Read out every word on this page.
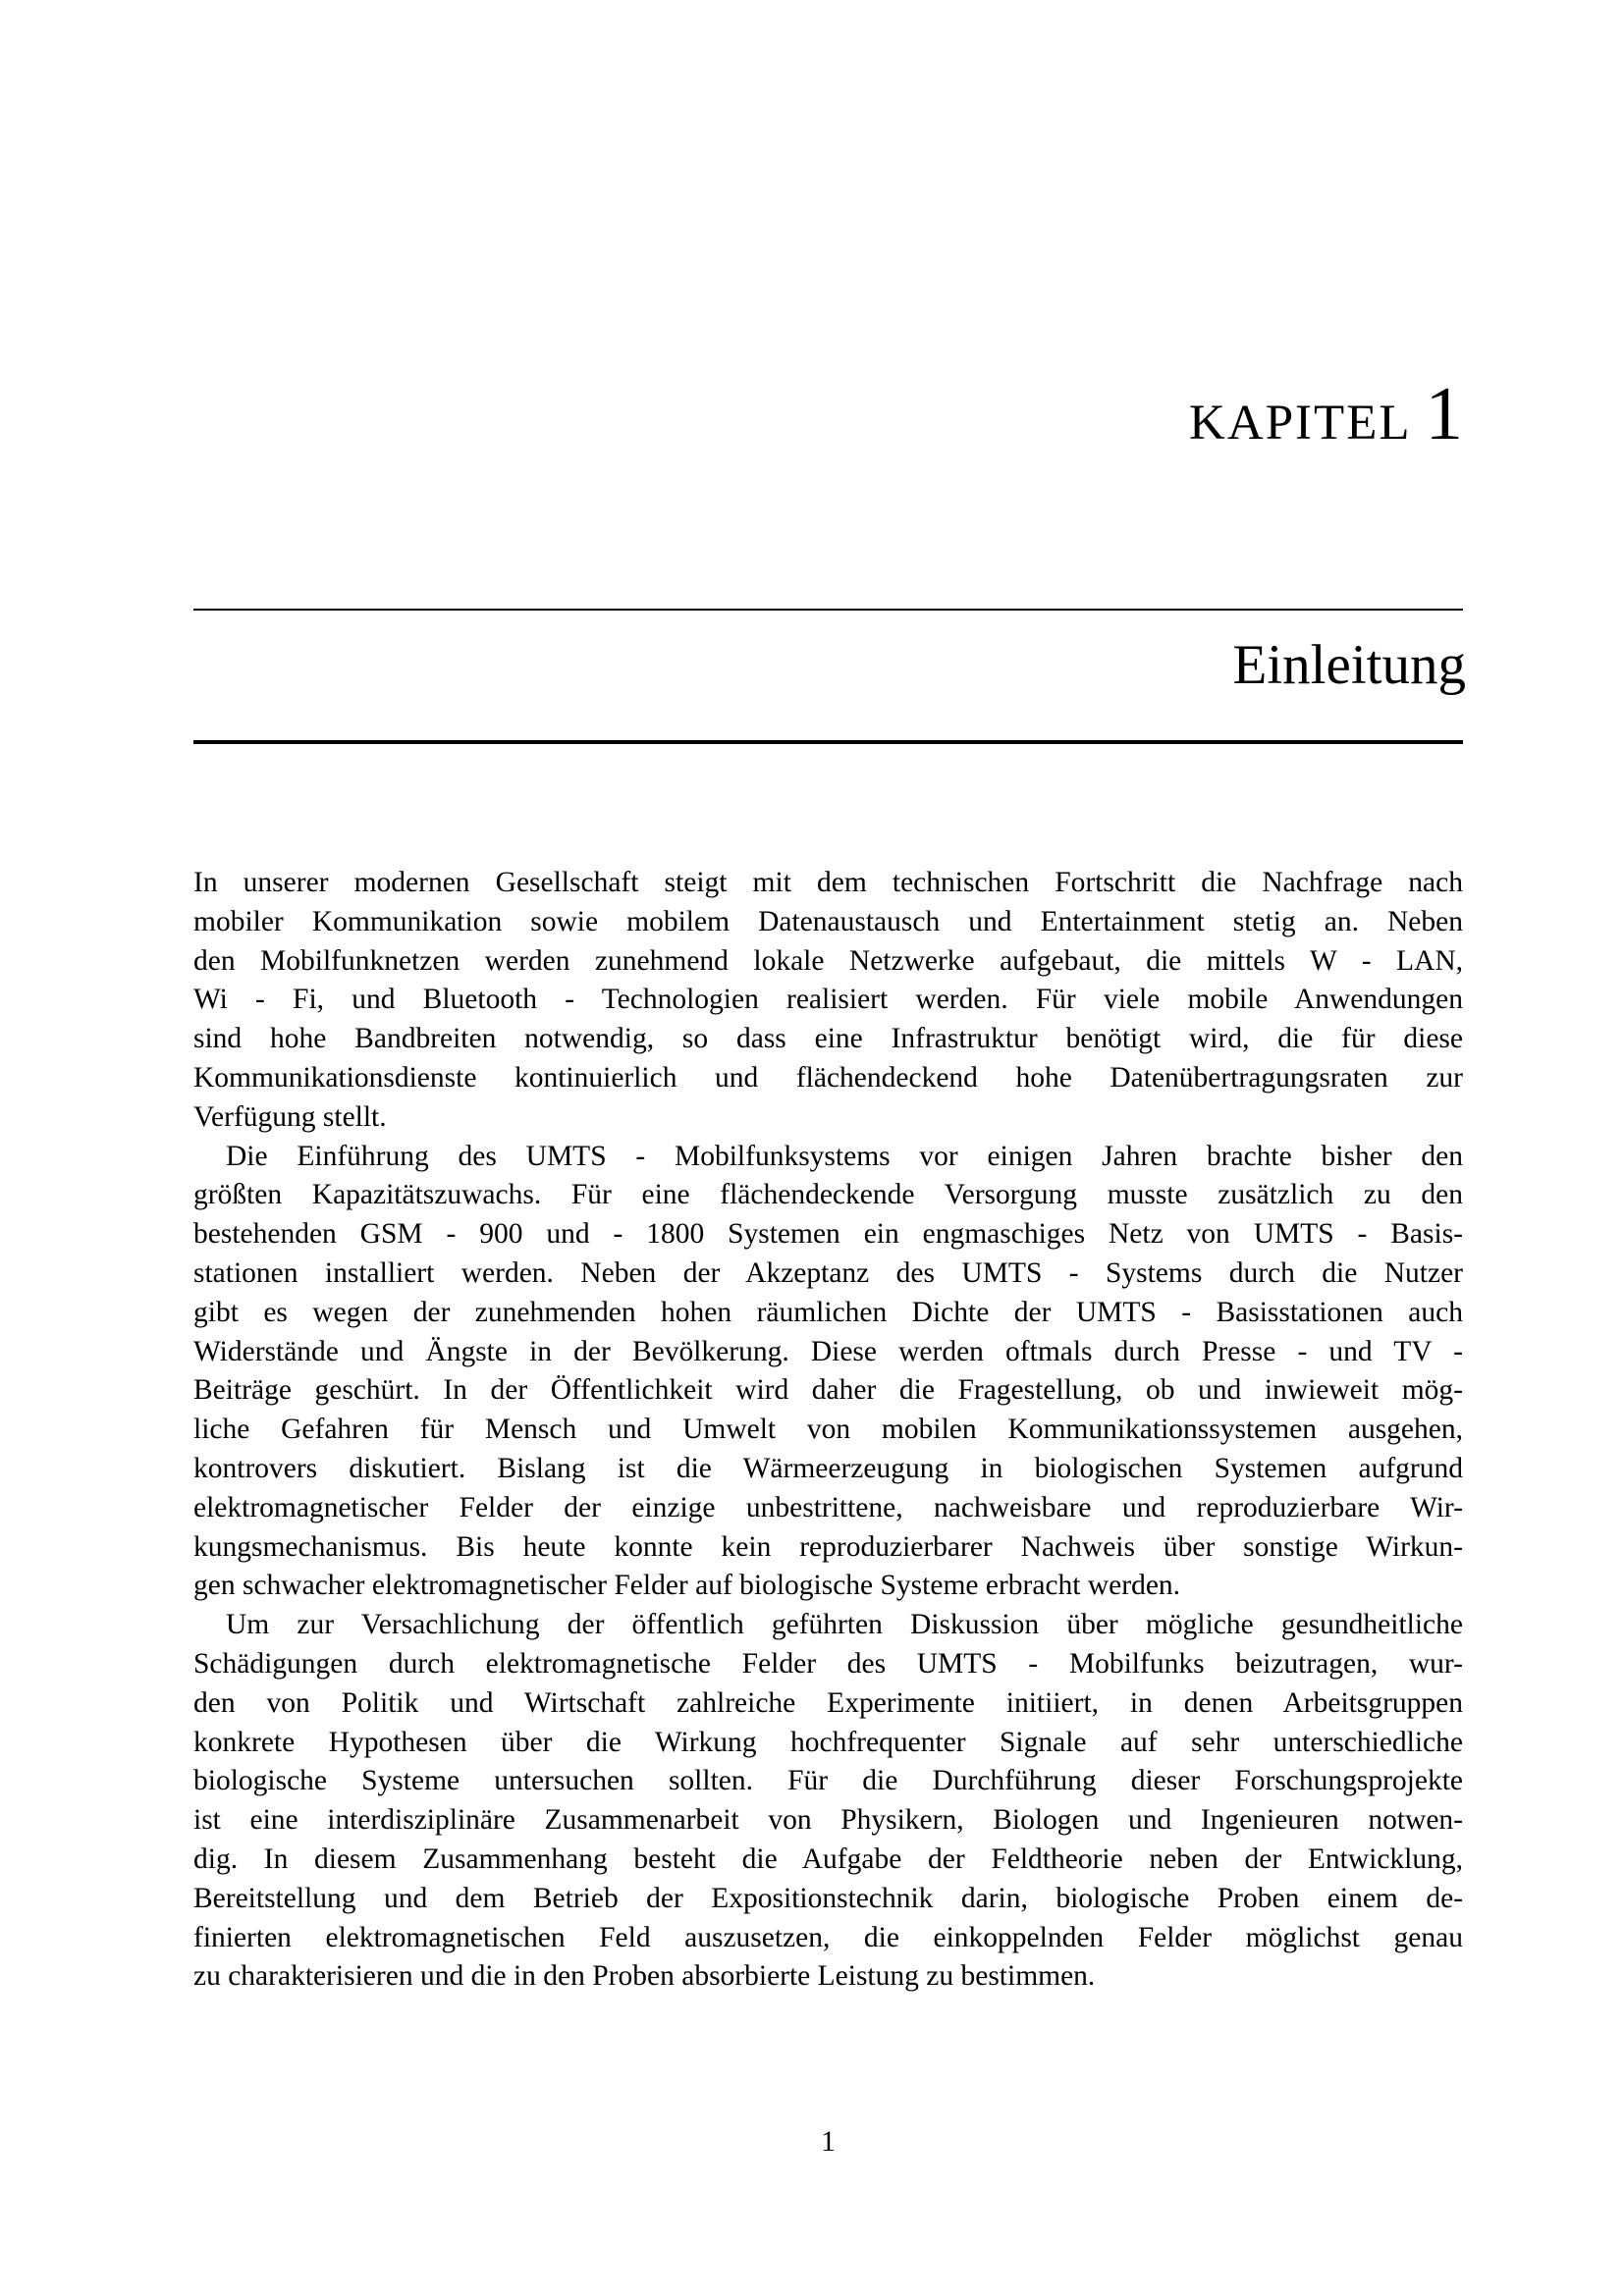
KAPITEL 1
Einleitung
In unserer modernen Gesellschaft steigt mit dem technischen Fortschritt die Nachfrage nach
mobiler Kommunikation sowie mobilem Datenaustausch und Entertainment stetig an. Neben
den Mobilfunknetzen werden zunehmend lokale Netzwerke aufgebaut, die mittels W - LAN,
Wi - Fi, und Bluetooth - Technologien realisiert werden. Für viele mobile Anwendungen
sind hohe Bandbreiten notwendig, so dass eine Infrastruktur benötigt wird, die für diese
Kommunikationsdienste kontinuierlich und flächendeckend hohe Datenübertragungsraten zur
Verfügung stellt.
Die Einführung des UMTS - Mobilfunksystems vor einigen Jahren brachte bisher den
größten Kapazitätszuwachs. Für eine flächendeckende Versorgung musste zusätzlich zu den
bestehenden GSM - 900 und - 1800 Systemen ein engmaschiges Netz von UMTS - Basis-
stationen installiert werden. Neben der Akzeptanz des UMTS - Systems durch die Nutzer
gibt es wegen der zunehmenden hohen räumlichen Dichte der UMTS - Basisstationen auch
Widerstände und Ängste in der Bevölkerung. Diese werden oftmals durch Presse - und TV -
Beiträge geschürt. In der Öffentlichkeit wird daher die Fragestellung, ob und inwieweit mög-
liche Gefahren für Mensch und Umwelt von mobilen Kommunikationssystemen ausgehen,
kontrovers diskutiert. Bislang ist die Wärmeerzeugung in biologischen Systemen aufgrund
elektromagnetischer Felder der einzige unbestrittene, nachweisbare und reproduzierbare Wir-
kungsmechanismus. Bis heute konnte kein reproduzierbarer Nachweis über sonstige Wirkun-
gen schwacher elektromagnetischer Felder auf biologische Systeme erbracht werden.
Um zur Versachlichung der öffentlich geführten Diskussion über mögliche gesundheitliche
Schädigungen durch elektromagnetische Felder des UMTS - Mobilfunks beizutragen, wur-
den von Politik und Wirtschaft zahlreiche Experimente initiiert, in denen Arbeitsgruppen
konkrete Hypothesen über die Wirkung hochfrequenter Signale auf sehr unterschiedliche
biologische Systeme untersuchen sollten. Für die Durchführung dieser Forschungsprojekte
ist eine interdisziplinäre Zusammenarbeit von Physikern, Biologen und Ingenieuren notwen-
dig. In diesem Zusammenhang besteht die Aufgabe der Feldtheorie neben der Entwicklung,
Bereitstellung und dem Betrieb der Expositionstechnik darin, biologische Proben einem de-
finierten elektromagnetischen Feld auszusetzen, die einkoppelnden Felder möglichst genau
zu charakterisieren und die in den Proben absorbierte Leistung zu bestimmen.
1
